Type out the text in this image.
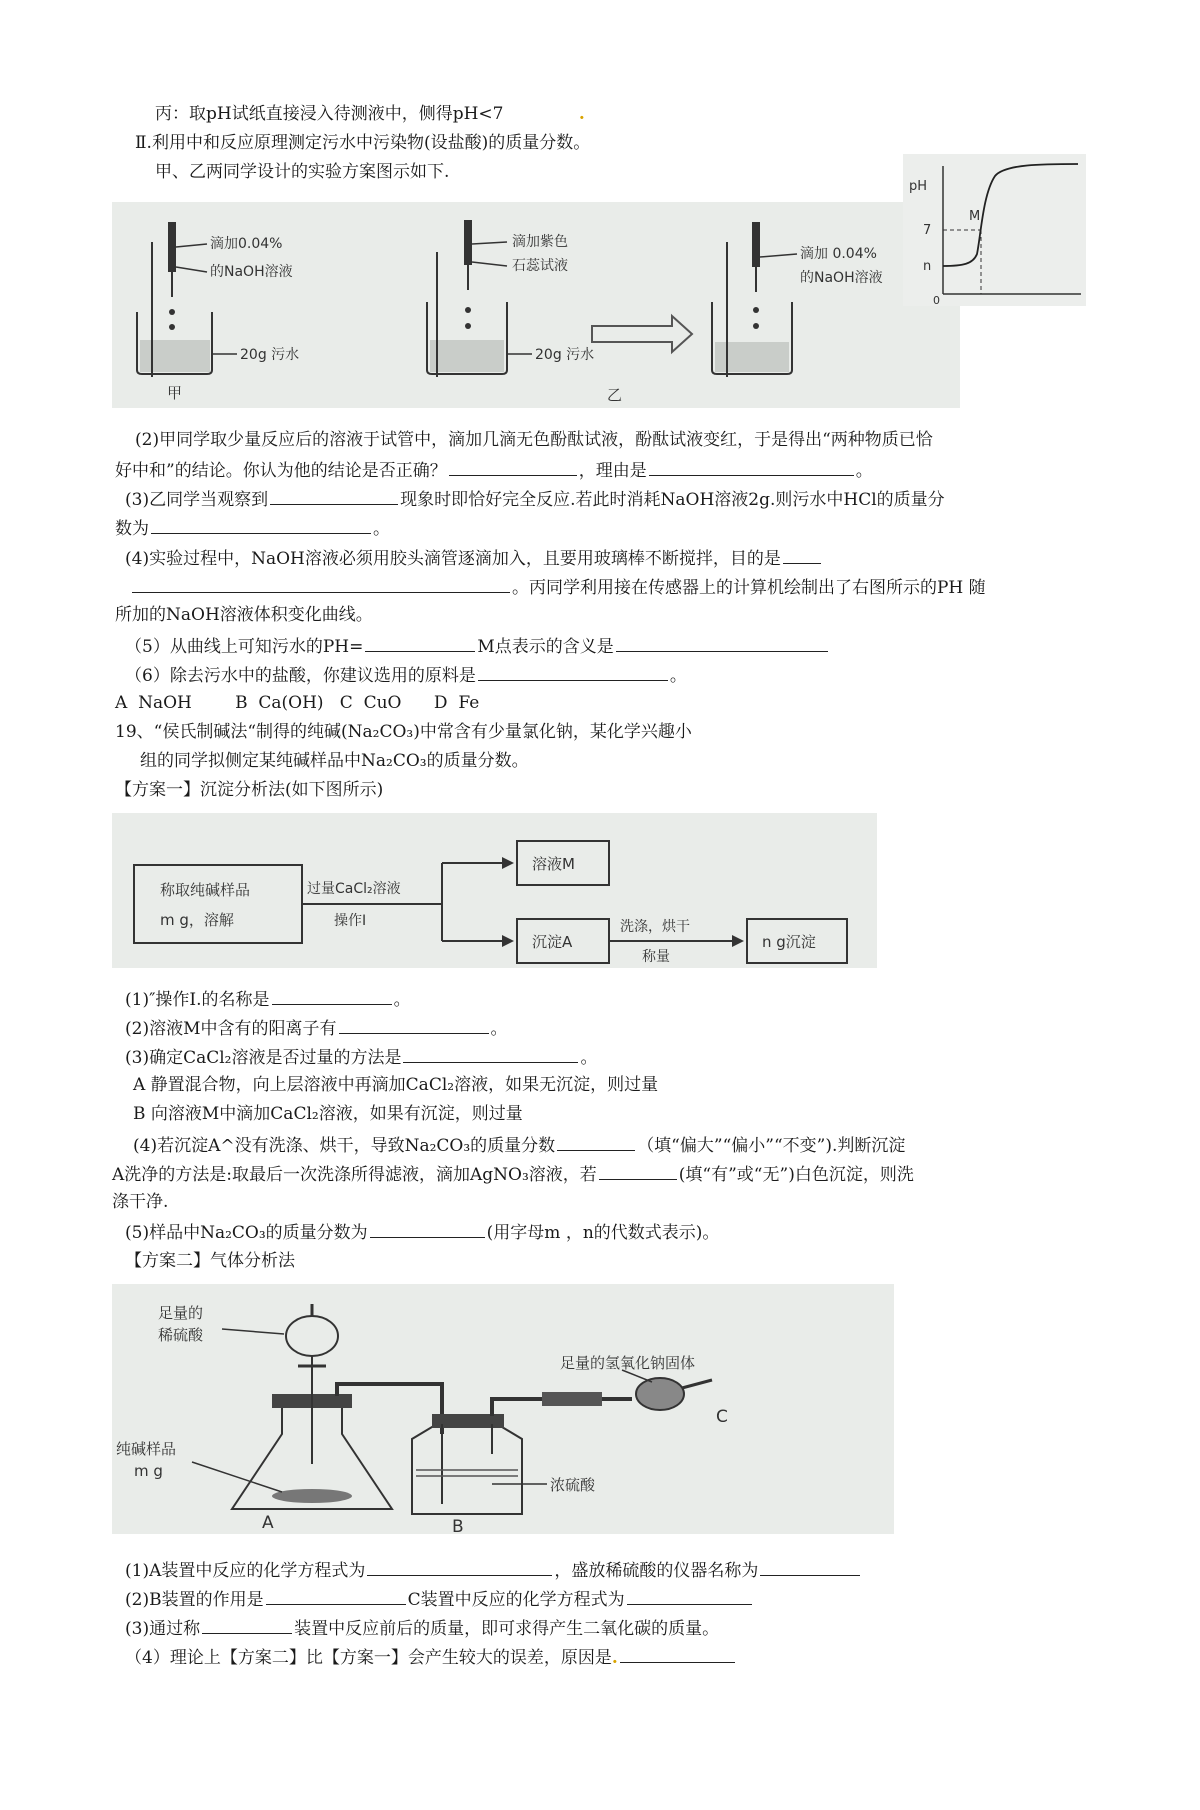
丙：取pH试纸直接浸入待测液中，侧得pH<7	.
Ⅱ.利用中和反应原理测定污水中污染物(设盐酸)的质量分数。
甲、乙两同学设计的实验方案图示如下.
滴加0.04%
的NaOH溶液
20g 污水
甲
滴加紫色
石蕊试液
20g 污水
乙
滴加 0.04%
的NaOH溶液
pH
7
n
0
M
(2)甲同学取少量反应后的溶液于试管中，滴加几滴无色酚酞试液，酚酞试液变红，于是得出“两种物质已恰
好中和”的结论。你认为他的结论是否正确？	，理由是	。
(3)乙同学当观察到	现象时即恰好完全反应.若此时消耗NaOH溶液2g.则污水中HCl的质量分
数为	。
(4)实验过程中，NaOH溶液必须用胶头滴管逐滴加入，且要用玻璃棒不断搅拌，目的是
。丙同学利用接在传感器上的计算机绘制出了右图所示的PH 随
所加的NaOH溶液体积变化曲线。
（5）从曲线上可知污水的PH=	M点表示的含义是
（6）除去污水中的盐酸，你建议选用的原料是	。
A  NaOH        B  Ca(OH)   C  CuO      D  Fe
19、“侯氏制碱法“制得的纯碱(Na₂CO₃)中常含有少量氯化钠，某化学兴趣小
组的同学拟侧定某纯碱样品中Na₂CO₃的质量分数。
【方案一】沉淀分析法(如下图所示)
称取纯碱样品
m g，溶解
过量CaCl₂溶液
操作Ⅰ
溶液M
沉淀A
洗涤，烘干
称量
n g沉淀
(1)″操作I.的名称是	。
(2)溶液M中含有的阳离子有	。
(3)确定CaCl₂溶液是否过量的方法是	。
A 静置混合物，向上层溶液中再滴加CaCl₂溶液，如果无沉淀，则过量
B 向溶液M中滴加CaCl₂溶液，如果有沉淀，则过量
(4)若沉淀A^没有洗涤、烘干，导致Na₂CO₃的质量分数	（填“偏大”“偏小”“不变”).判断沉淀
A洗净的方法是:取最后一次洗涤所得滤液，滴加AgNO₃溶液，若	(填“有”或“无”)白色沉淀，则洗
涤干净.
(5)样品中Na₂CO₃的质量分数为	(用字母m ，n的代数式表示)。
【方案二】气体分析法
足量的
稀硫酸
足量的氢氧化钠固体
纯碱样品
m g
浓硫酸
A	B
C
(1)A装置中反应的化学方程式为	，盛放稀硫酸的仪器名称为
(2)B装置的作用是	C装置中反应的化学方程式为
(3)通过称	装置中反应前后的质量，即可求得产生二氧化碳的质量。
（4）理论上【方案二】比【方案一】会产生较大的误差，原因是.
